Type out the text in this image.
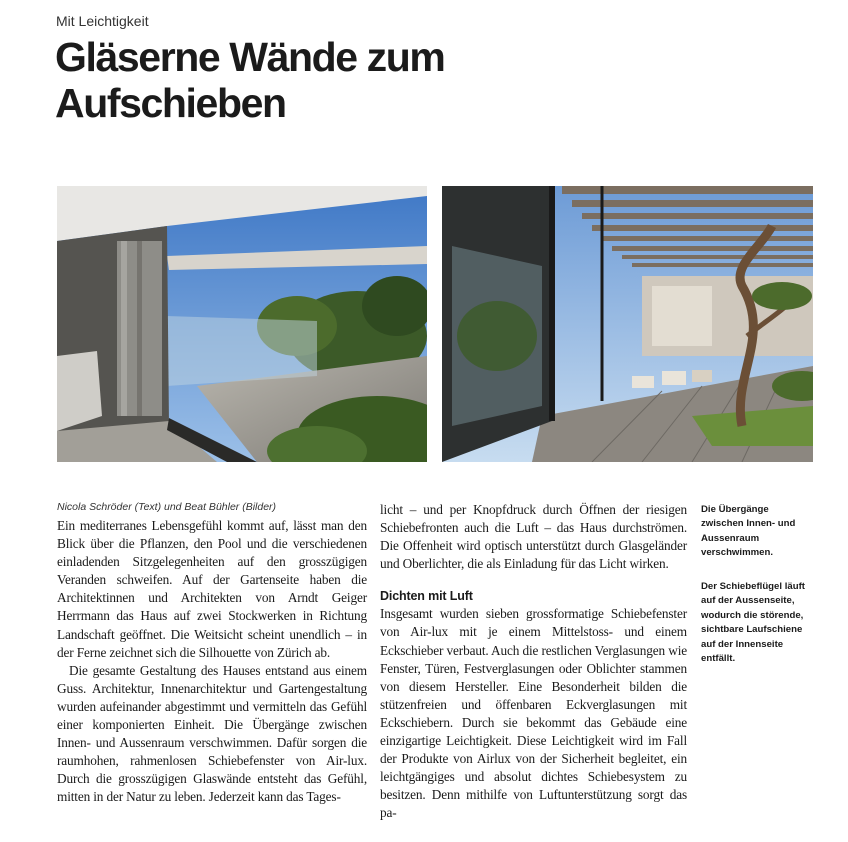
Mit Leichtigkeit
Gläserne Wände zum
Aufschieben
Nicola Schröder (Text) und Beat Bühler (Bilder)

Ein mediterranes Lebensgefühl kommt auf, lässt man den Blick über die Pflanzen, den Pool und die verschiedenen einladenden Sitzgelegenheiten auf den grosszügigen Veranden schweifen. Auf der Gartenseite haben die Architektinnen und Architekten von Arndt Geiger Herrmann das Haus auf zwei Stockwerken in Richtung Landschaft geöffnet. Die Weitsicht scheint unendlich – in der Ferne zeichnet sich die Silhouette von Zürich ab.

Die gesamte Gestaltung des Hauses entstand aus einem Guss. Architektur, Innenarchitektur und Gartengestaltung wurden aufeinander abgestimmt und vermitteln das Gefühl einer komponierten Einheit. Die Übergänge zwischen Innen- und Aussenraum verschwimmen. Dafür sorgen die raumhohen, rahmenlosen Schiebefenster von Air-lux. Durch die grosszügigen Glaswände entsteht das Gefühl, mitten in der Natur zu leben. Jederzeit kann das Tages-

licht – und per Knopfdruck durch Öffnen der riesigen Schiebefronten auch die Luft – das Haus durchströmen. Die Offenheit wird optisch unterstützt durch Glasgeländer und Oberlichter, die als Einladung für das Licht wirken.

Dichten mit Luft

Insgesamt wurden sieben grossformatige Schiebefenster von Air-lux mit je einem Mittelstoss- und einem Eckschieber verbaut. Auch die restlichen Verglasungen wie Fenster, Türen, Festverglasungen oder Oblichter stammen von diesem Hersteller. Eine Besonderheit bilden die stützenfreien und öffenbaren Eckverglasungen mit Eckschiebern. Durch sie bekommt das Gebäude eine einzigartige Leichtigkeit. Diese Leichtigkeit wird im Fall der Produkte von Airlux von der Sicherheit begleitet, ein leichtgängiges und absolut dichtes Schiebesystem zu besitzen. Denn mithilfe von Luftunterstützung sorgt das pa-

Die Übergänge zwischen Innen- und Aussenraum verschwimmen.
Der Schiebeflügel läuft auf der Aussenseite, wodurch die störende, sichtbare Laufschiene auf der Innenseite entfällt.
